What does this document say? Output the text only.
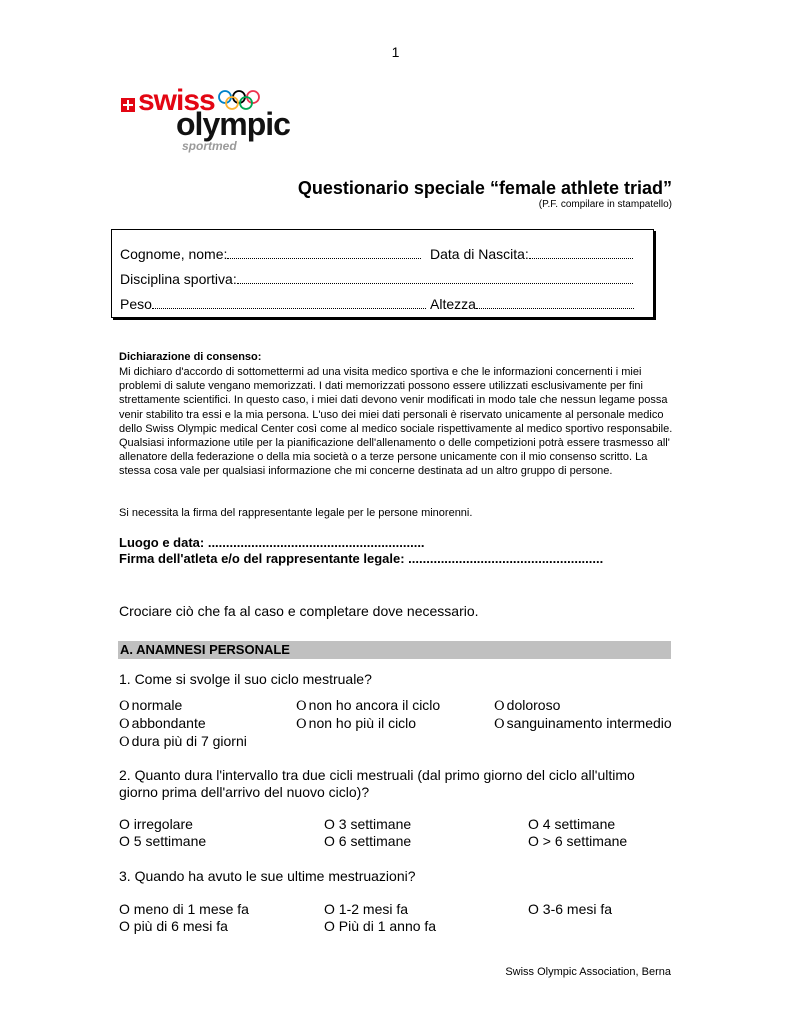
1
swiss
olympic
sportmed
Questionario speciale “female athlete triad”
(P.F. compilare in stampatello)
Cognome, nome:	Data di Nascita:
Disciplina sportiva:
Peso	Altezza
Dichiarazione di consenso:
Mi dichiaro d'accordo di sottomettermi ad una visita medico sportiva e che le informazioni concernenti i miei problemi di salute vengano memorizzati. I dati memorizzati possono essere utilizzati esclusivamente per fini strettamente scientifici. In questo caso, i miei dati devono venir modificati in modo tale che nessun legame possa venir stabilito tra essi e la mia persona. L'uso dei miei dati personali è riservato unicamente al personale medico dello Swiss Olympic medical Center così come al medico sociale rispettivamente al medico sportivo responsabile. Qualsiasi informazione utile per la pianificazione dell'allenamento o delle competizioni potrà essere trasmesso all' allenatore della federazione o della mia società o a terze persone unicamente con il mio consenso scritto. La stessa cosa vale per qualsiasi informazione che mi concerne destinata ad un altro gruppo di persone.
Si necessita la firma del rappresentante legale per le persone minorenni.
Luogo e data: ............................................................
Firma dell'atleta e/o del rappresentante legale: ......................................................
Crociare ciò che fa al caso e completare dove necessario.
A. ANAMNESI PERSONALE
1. Come si svolge il suo ciclo mestruale?
O normale	O non ho ancora il ciclo	O doloroso
O abbondante	O non ho più il ciclo	O sanguinamento intermedio
O dura più di 7 giorni
2. Quanto dura l'intervallo tra due cicli mestruali (dal primo giorno del ciclo all'ultimo
giorno prima dell'arrivo del nuovo ciclo)?
O irregolare	O 3 settimane	O 4 settimane
O 5 settimane	O 6 settimane	O > 6 settimane
3. Quando ha avuto le sue ultime mestruazioni?
O meno di 1 mese fa	O 1-2 mesi fa	O 3-6 mesi fa
O più di 6 mesi fa	O Più di 1 anno fa
Swiss Olympic Association, Berna
